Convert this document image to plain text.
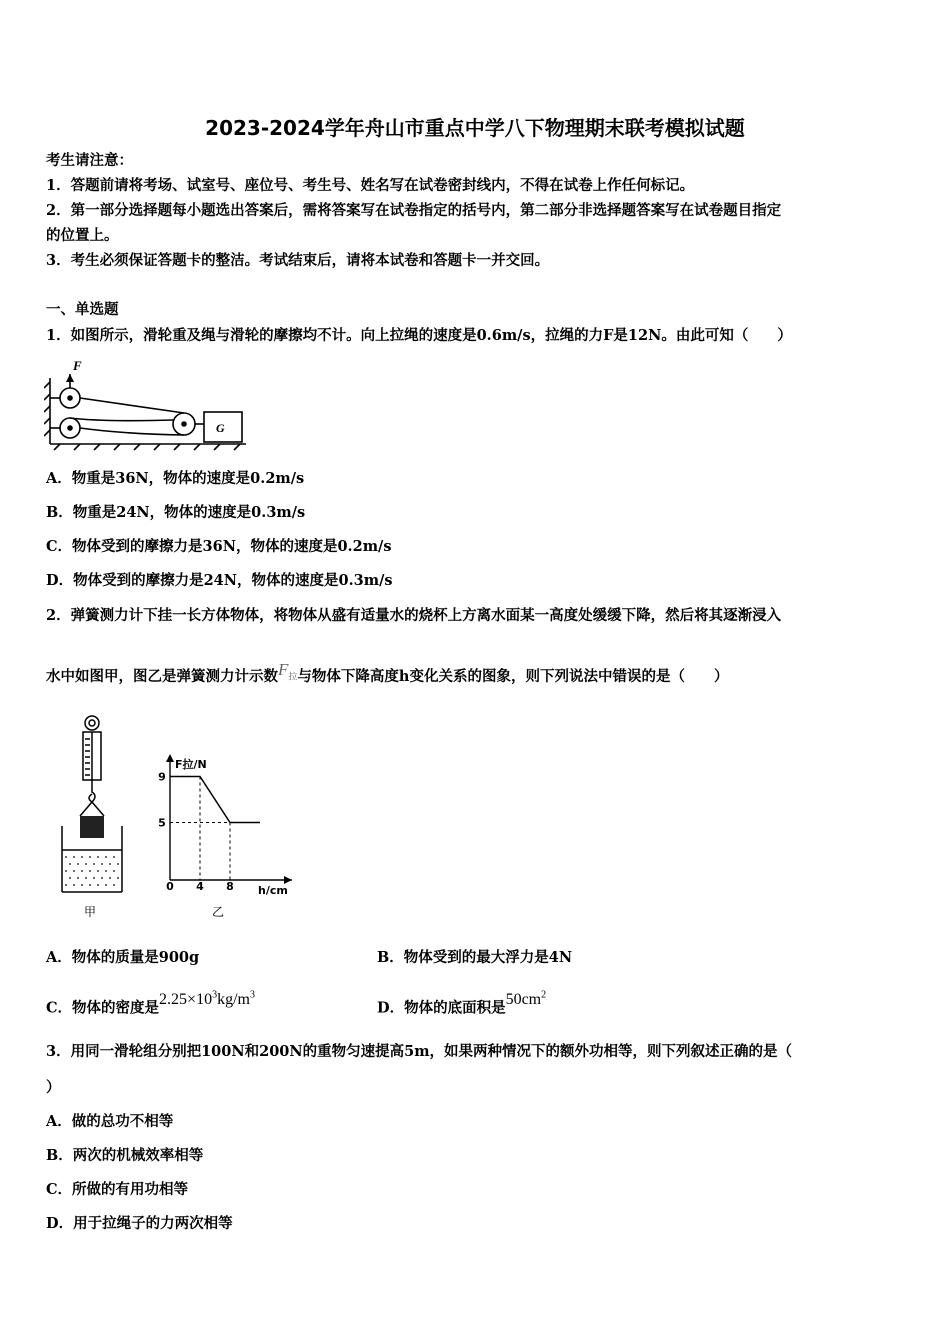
2023-2024学年舟山市重点中学八下物理期末联考模拟试题
考生请注意：
1．答题前请将考场、试室号、座位号、考生号、姓名写在试卷密封线内，不得在试卷上作任何标记。
2．第一部分选择题每小题选出答案后，需将答案写在试卷指定的括号内，第二部分非选择题答案写在试卷题目指定
的位置上。
3．考生必须保证答题卡的整洁。考试结束后，请将本试卷和答题卡一并交回。
一、单选题
1．如图所示，滑轮重及绳与滑轮的摩擦均不计。向上拉绳的速度是0.6m/s，拉绳的力F是12N。由此可知（　　）
F
G
A．物重是36N，物体的速度是0.2m/s
B．物重是24N，物体的速度是0.3m/s
C．物体受到的摩擦力是36N，物体的速度是0.2m/s
D．物体受到的摩擦力是24N，物体的速度是0.3m/s
2．弹簧测力计下挂一长方体物体，将物体从盛有适量水的烧杯上方离水面某一高度处缓缓下降，然后将其逐渐浸入
水中如图甲，图乙是弹簧测力计示数$F_拉$与物体下降高度h变化关系的图象，则下列说法中错误的是（　　）
甲
F拉/N
h/cm
9
5
0 4 8
乙
A．物体的质量是900g	B．物体受到的最大浮力是4N
C．物体的密度是$2.25\times 10^3kg/m^3$
D．物体的底面积是$50cm^2$
3．用同一滑轮组分别把100N和200N的重物匀速提高5m，如果两种情况下的额外功相等，则下列叙述正确的是（
）
A．做的总功不相等
B．两次的机械效率相等
C．所做的有用功相等
D．用于拉绳子的力两次相等
